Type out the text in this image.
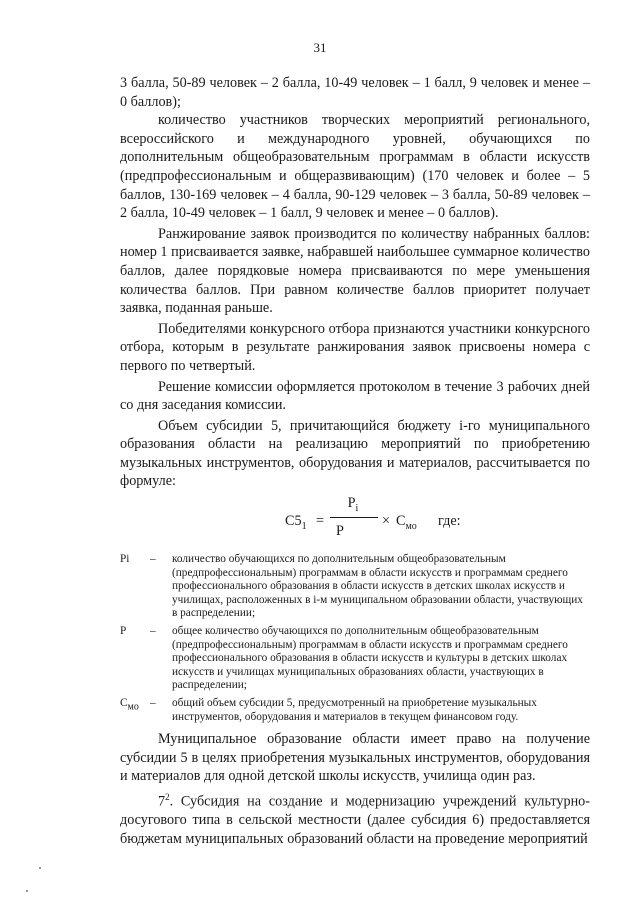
31

3 балла, 50-89 человек – 2 балла, 10-49 человек – 1 балл, 9 человек и менее – 0 баллов);

количество участников творческих мероприятий регионального, всероссийского и международного уровней, обучающихся по дополнительным общеобразовательным программам в области искусств (предпрофессиональным и общеразвивающим) (170 человек и более – 5 баллов, 130-169 человек – 4 балла, 90-129 человек – 3 балла, 50-89 человек – 2 балла, 10-49 человек – 1 балл, 9 человек и менее – 0 баллов).

Ранжирование заявок производится по количеству набранных баллов: номер 1 присваивается заявке, набравшей наибольшее суммарное количество баллов, далее порядковые номера присваиваются по мере уменьшения количества баллов. При равном количестве баллов приоритет получает заявка, поданная раньше.

Победителями конкурсного отбора признаются участники конкурсного отбора, которым в результате ранжирования заявок присвоены номера с первого по четвертый.

Решение комиссии оформляется протоколом в течение 3 рабочих дней со дня заседания комиссии.

Объем субсидии 5, причитающийся бюджету i-го муниципального образования области на реализацию мероприятий по приобретению музыкальных инструментов, оборудования и материалов, рассчитывается по формуле:

$С5_1$ =
$P_i$
P
× $С_{мо}$ где:
Pi – количество обучающихся по дополнительным общеобразовательным (предпрофессиональным) программам в области искусств и программам среднего профессионального образования в области искусств в детских школах искусств и училищах, расположенных в i-м муниципальном образовании области, участвующих в распределении;
P – общее количество обучающихся по дополнительным общеобразовательным (предпрофессиональным) программам в области искусств и программам среднего профессионального образования в области искусств и культуры в детских школах искусств и училищах муниципальных образованиях области, участвующих в распределении;
$С_{мо}$ – общий объем субсидии 5, предусмотренный на приобретение музыкальных инструментов, оборудования и материалов в текущем финансовом году.

Муниципальное образование области имеет право на получение субсидии 5 в целях приобретения музыкальных инструментов, оборудования и материалов для одной детской школы искусств, училища один раз.

$7^2$. Субсидия на создание и модернизацию учреждений культурно-досугового типа в сельской местности (далее субсидия 6) предоставляется бюджетам муниципальных образований области на проведение мероприятий
